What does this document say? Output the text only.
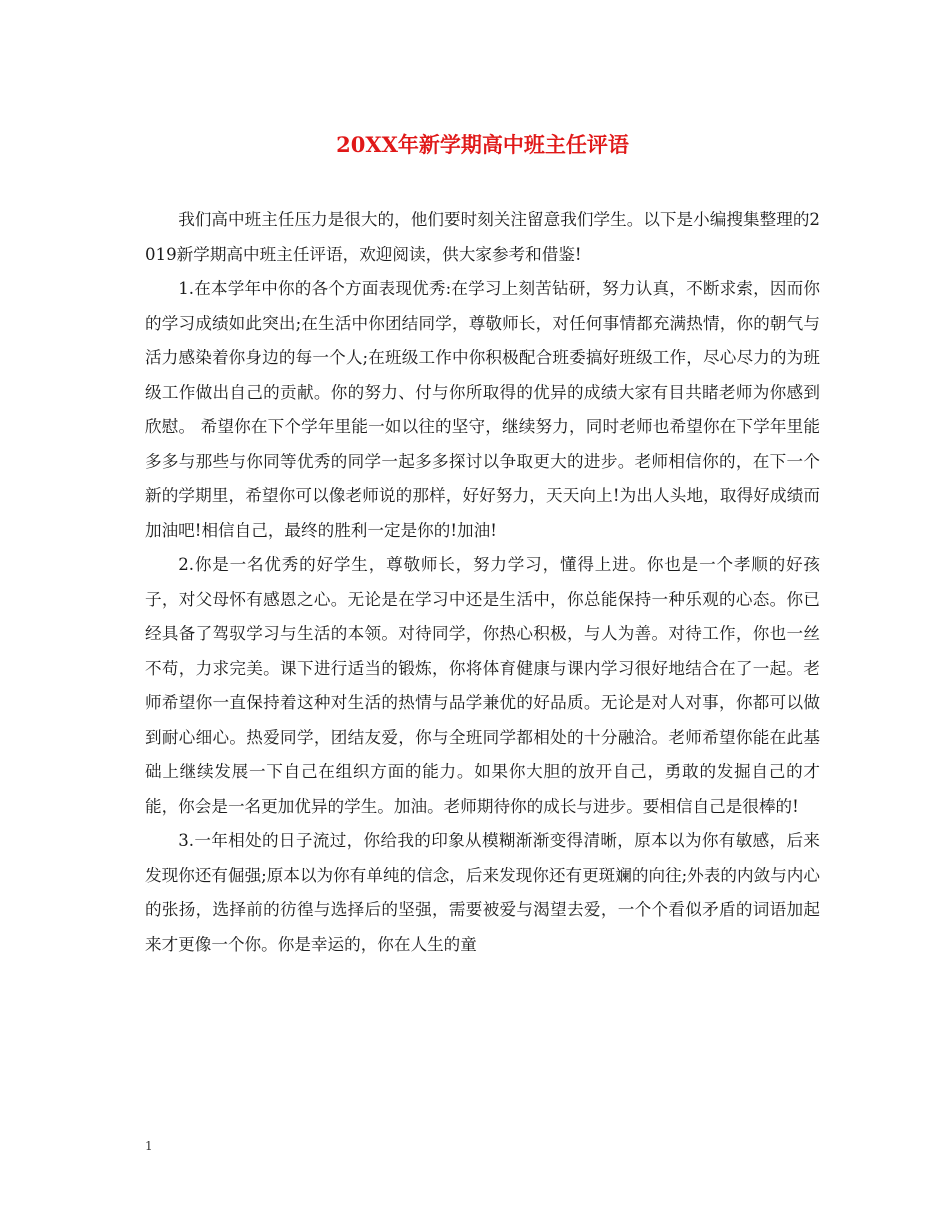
20XX年新学期高中班主任评语

我们高中班主任压力是很大的，他们要时刻关注留意我们学生。以下是小编搜集整理的2019新学期高中班主任评语，欢迎阅读，供大家参考和借鉴!

1.在本学年中你的各个方面表现优秀:在学习上刻苦钻研，努力认真，不断求索，因而你的学习成绩如此突出;在生活中你团结同学，尊敬师长，对任何事情都充满热情，你的朝气与活力感染着你身边的每一个人;在班级工作中你积极配合班委搞好班级工作，尽心尽力的为班级工作做出自己的贡献。你的努力、付与你所取得的优异的成绩大家有目共睹老师为你感到欣慰。 希望你在下个学年里能一如以往的坚守，继续努力，同时老师也希望你在下学年里能多多与那些与你同等优秀的同学一起多多探讨以争取更大的进步。老师相信你的，在下一个新的学期里，希望你可以像老师说的那样，好好努力，天天向上!为出人头地，取得好成绩而加油吧!相信自己，最终的胜利一定是你的!加油!

2.你是一名优秀的好学生，尊敬师长，努力学习，懂得上进。你也是一个孝顺的好孩子，对父母怀有感恩之心。无论是在学习中还是生活中，你总能保持一种乐观的心态。你已经具备了驾驭学习与生活的本领。对待同学，你热心积极，与人为善。对待工作，你也一丝不苟，力求完美。课下进行适当的锻炼，你将体育健康与课内学习很好地结合在了一起。老师希望你一直保持着这种对生活的热情与品学兼优的好品质。无论是对人对事，你都可以做到耐心细心。热爱同学，团结友爱，你与全班同学都相处的十分融洽。老师希望你能在此基础上继续发展一下自己在组织方面的能力。如果你大胆的放开自己，勇敢的发掘自己的才能，你会是一名更加优异的学生。加油。老师期待你的成长与进步。要相信自己是很棒的!

3.一年相处的日子流过，你给我的印象从模糊渐渐变得清晰，原本以为你有敏感，后来发现你还有倔强;原本以为你有单纯的信念，后来发现你还有更斑斓的向往;外表的内敛与内心的张扬，选择前的彷徨与选择后的坚强，需要被爱与渴望去爱，一个个看似矛盾的词语加起来才更像一个你。你是幸运的，你在人生的童

1
